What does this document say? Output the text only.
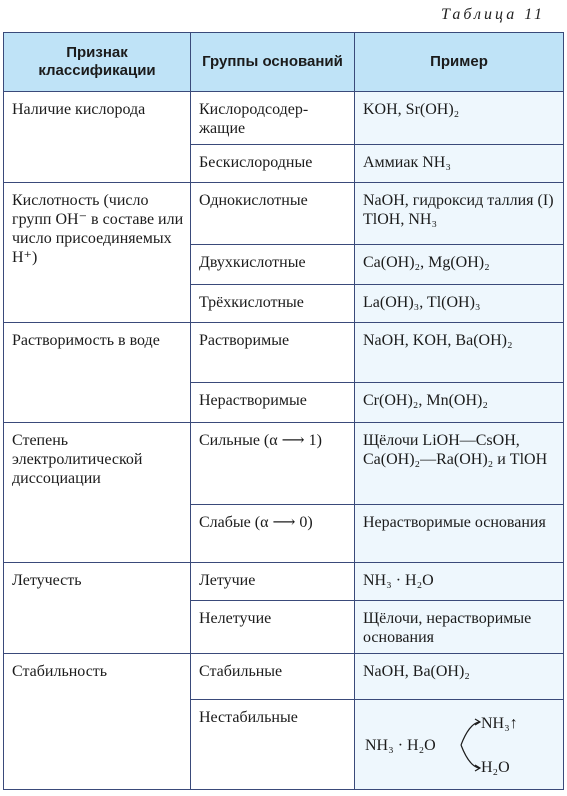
Таблица 11
Признак классификации	Группы оснований	Пример
Наличие кислорода	Кислородсодер-жащие	KOH, Sr(OH)₂
	Бескислородные	Аммиак NH₃
Кислотность (число групп OH⁻ в составе или число присоединяемых H⁺)	Однокислотные	NaOH, гидроксид таллия (I) TlOH, NH₃
	Двухкислотные	Ca(OH)₂, Mg(OH)₂
	Трёхкислотные	La(OH)₃, Tl(OH)₃
Растворимость в воде	Растворимые	NaOH, KOH, Ba(OH)₂
	Нерастворимые	Cr(OH)₂, Mn(OH)₂
Степень электролитической диссоциации	Сильные (α ⟶ 1)	Щёлочи LiOH—CsOH, Ca(OH)₂—Ra(OH)₂ и TlOH
	Слабые (α ⟶ 0)	Нерастворимые основания
Летучесть	Летучие	NH₃ · H₂O
	Нелетучие	Щёлочи, нерастворимые основания
Стабильность	Стабильные	NaOH, Ba(OH)₂
	Нестабильные	NH₃ · H₂O
NH₃↑
H₂O
